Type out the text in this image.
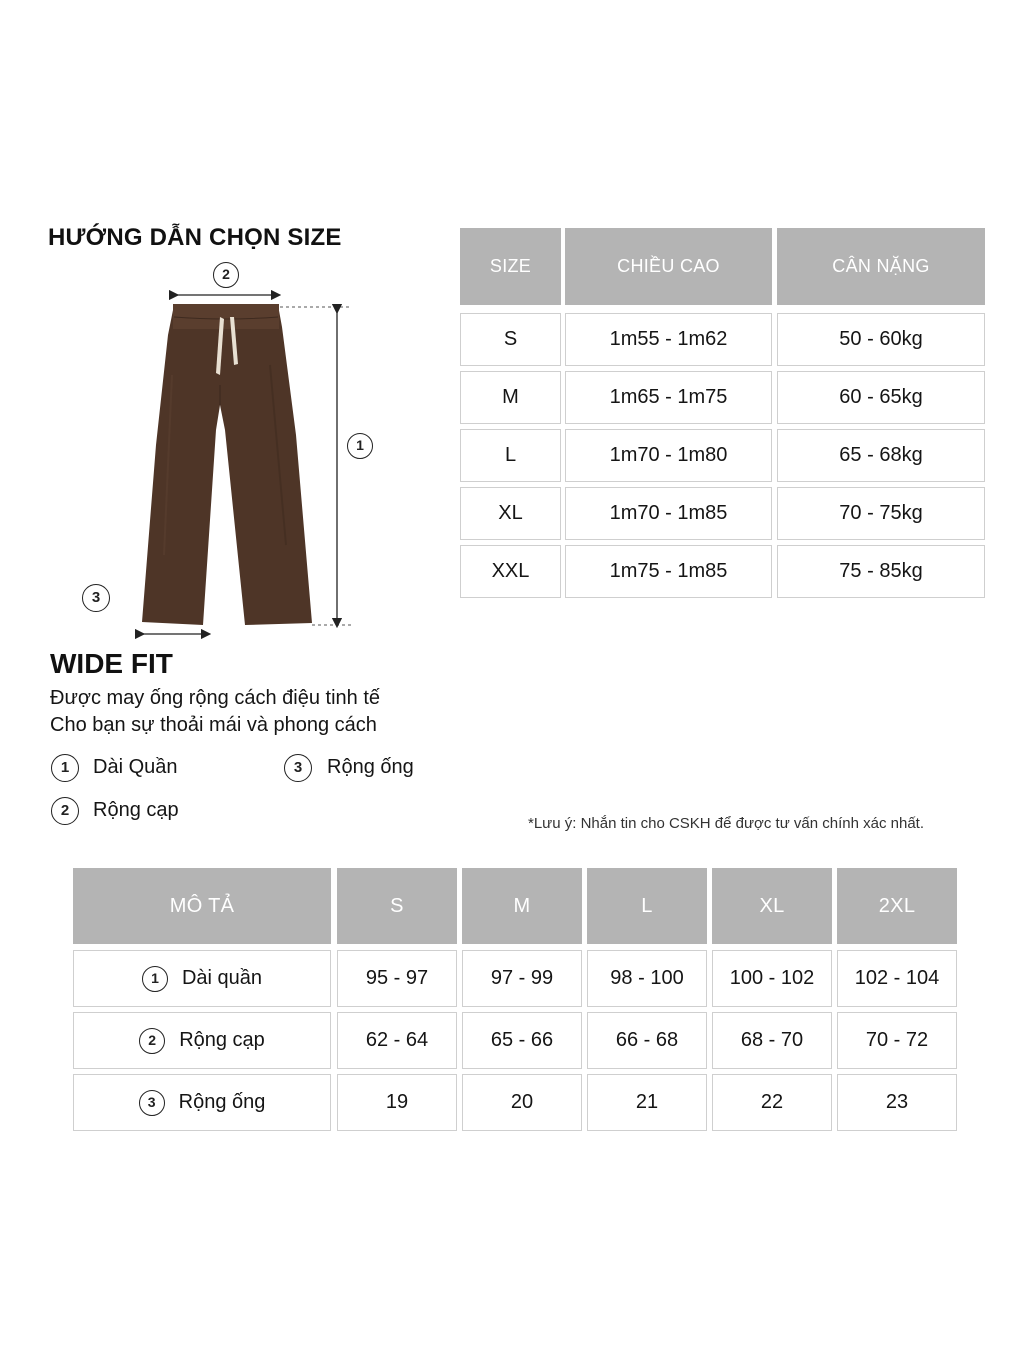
HƯỚNG DẪN CHỌN SIZE
2
1
3
SIZE	CHIỀU CAO	CÂN NẶNG
S	1m55 - 1m62	50 - 60kg
M	1m65 - 1m75	60 - 65kg
L	1m70 - 1m80	65 - 68kg
XL	1m70 - 1m85	70 - 75kg
XXL	1m75 - 1m85	75 - 85kg
WIDE FIT
Được may ống rộng cách điệu tinh tế
Cho bạn sự thoải mái và phong cách
1	Dài Quần	3	Rộng ống
2	Rộng cạp
*Lưu ý: Nhắn tin cho CSKH để được tư vấn chính xác nhất.
MÔ TẢ	S	M	L	XL	2XL
1	Dài quần	95 - 97	97 - 99	98 - 100	100 - 102	102 - 104
2	Rộng cạp	62 - 64	65 - 66	66 - 68	68 - 70	70 - 72
3	Rộng ống	19	20	21	22	23
